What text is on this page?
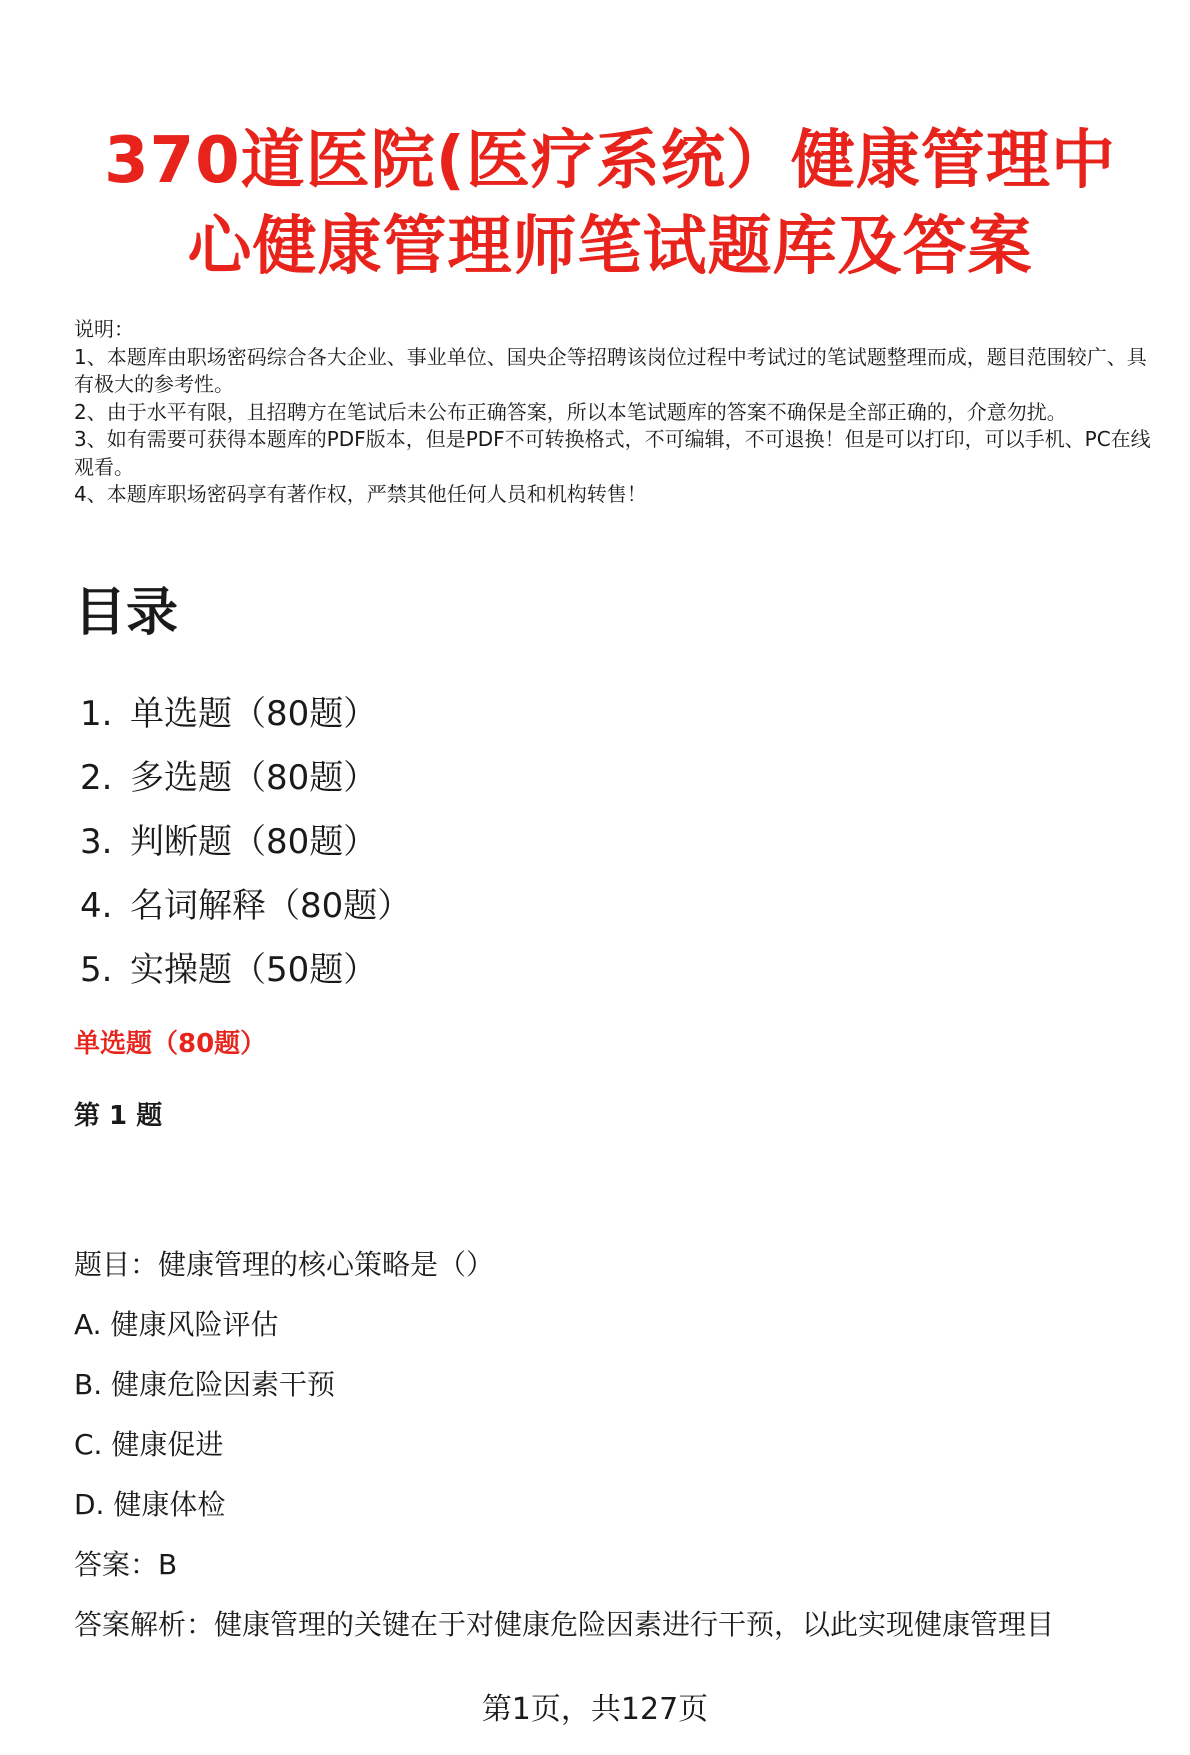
370道医院(医疗系统）健康管理中
心健康管理师笔试题库及答案

说明：

1、本题库由职场密码综合各大企业、事业单位、国央企等招聘该岗位过程中考试过的笔试题整理而成，题目范围较广、具有极大的参考性。

2、由于水平有限，且招聘方在笔试后未公布正确答案，所以本笔试题库的答案不确保是全部正确的，介意勿扰。

3、如有需要可获得本题库的PDF版本，但是PDF不可转换格式，不可编辑，不可退换！但是可以打印，可以手机、PC在线观看。

4、本题库职场密码享有著作权，严禁其他任何人员和机构转售！

目录
1. 单选题（80题）
2. 多选题（80题）
3. 判断题（80题）
4. 名词解释（80题）
5. 实操题（50题）
单选题（80题）
第 1 题
题目：健康管理的核心策略是（）
A. 健康风险评估
B. 健康危险因素干预
C. 健康促进
D. 健康体检
答案：B
答案解析：健康管理的关键在于对健康危险因素进行干预，以此实现健康管理目
第1页，共127页
